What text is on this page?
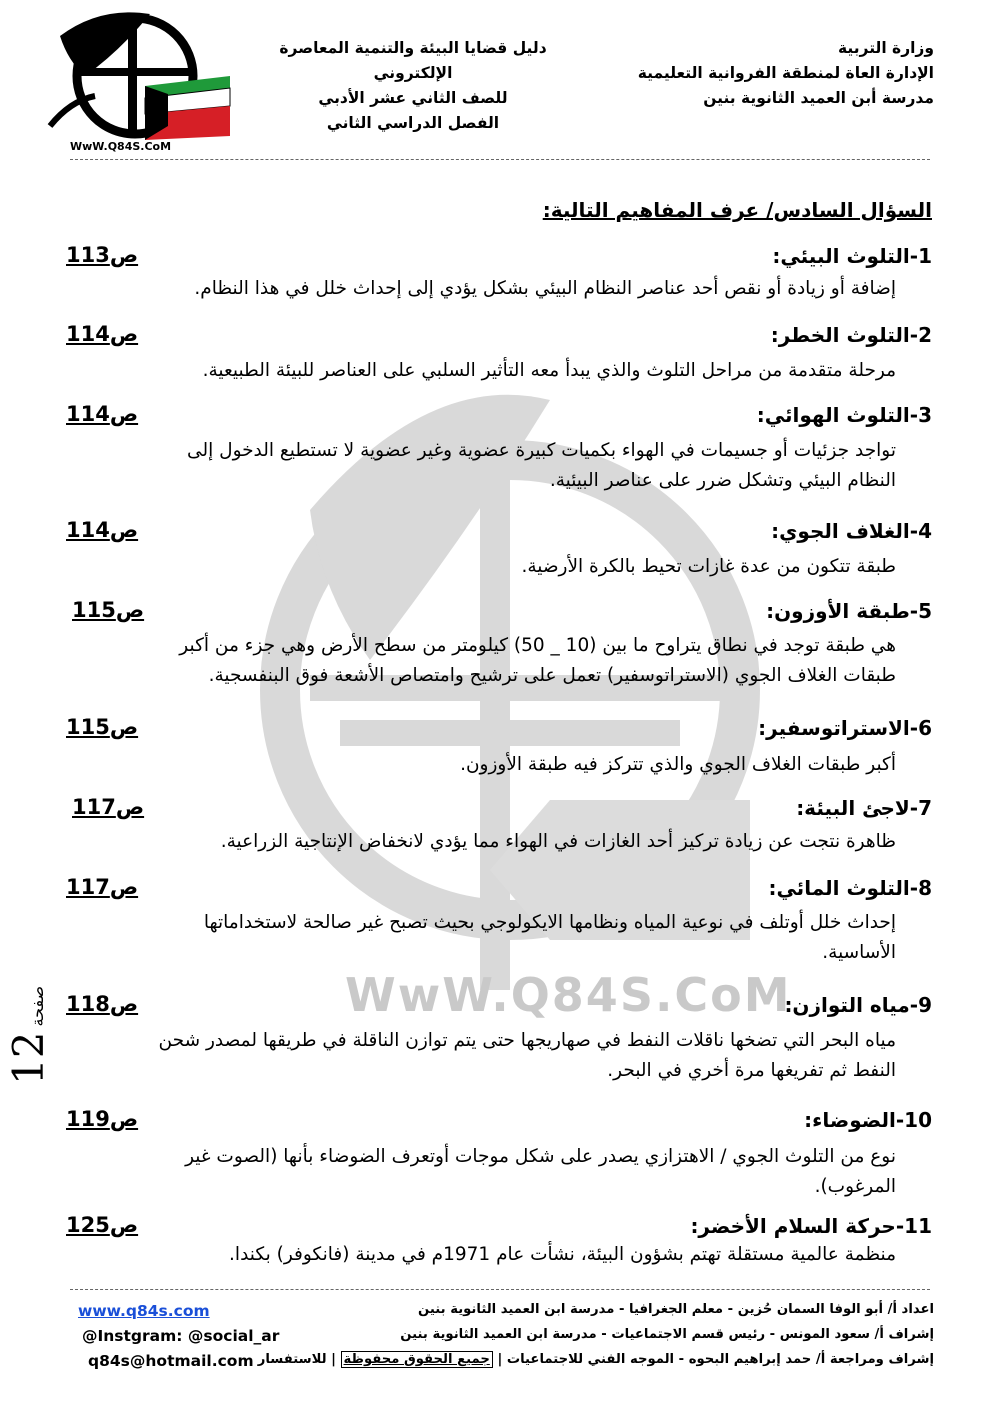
WwW.Q84S.CoM
WwW.Q84S.CoM
وزارة التربية
الإدارة العاة لمنطقة الفروانية التعليمية
مدرسة أبن العميد الثانوية بنين
دليل قضايا البيئة والتنمية المعاصرة الإلكتروني
للصف الثاني عشر الأدبي
الفصل الدراسي الثاني
السؤال السادس/ عرف المفاهيم التالية:
1-التلوث البيئي:
ص113
إضافة أو زيادة أو نقص أحد عناصر النظام البيئي بشكل يؤدي إلى إحداث خلل في هذا النظام.
2-التلوث الخطر:
ص114
مرحلة متقدمة من مراحل التلوث والذي يبدأ معه التأثير السلبي على العناصر للبيئة الطبيعية.
3-التلوث الهوائي:
ص114
تواجد جزئيات أو جسيمات في الهواء بكميات كبيرة عضوية وغير عضوية لا تستطيع الدخول إلى
النظام البيئي وتشكل ضرر على عناصر البيئية.
4-الغلاف الجوي:
ص114
طبقة تتكون من عدة غازات تحيط بالكرة الأرضية.
5-طبقة الأوزون:
ص115
هي طبقة توجد في نطاق يتراوح ما بين (10 _ 50) كيلومتر من سطح الأرض وهي جزء من أكبر
طبقات الغلاف الجوي (الاستراتوسفير) تعمل على ترشيح وامتصاص الأشعة فوق البنفسجية.
6-الاستراتوسفير:
ص115
أكبر طبقات الغلاف الجوي والذي تتركز فيه طبقة الأوزون.
7-لاجئ البيئة:
ص117
ظاهرة نتجت عن زيادة تركيز أحد الغازات في الهواء مما يؤدي لانخفاض الإنتاجية الزراعية.
8-التلوث المائي:
ص117
إحداث خلل أوتلف في نوعية المياه ونظامها الايكولوجي بحيث تصبح غير صالحة لاستخداماتها
الأساسية.
9-مياه التوازن:
ص118
مياه البحر التي تضخها ناقلات النفط في صهاريجها حتى يتم توازن الناقلة في طريقها لمصدر شحن
النفط ثم تفريغها مرة أخري في البحر.
10-الضوضاء:
ص119
نوع من التلوث الجوي / الاهتزازي يصدر على شكل موجات أوتعرف الضوضاء بأنها (الصوت غير
المرغوب).
11-حركة السلام الأخضر:
ص125
منظمة عالمية مستقلة تهتم بشؤون البيئة، نشأت عام 1971م في مدينة (فانكوفر) بكندا.
صفحة 12
اعداد أ/ أبو الوفا السمان حُزين - معلم الجغرافيا - مدرسة ابن العميد الثانوية بنين
إشراف أ/ سعود المونس - رئيس قسم الاجتماعيات - مدرسة ابن العميد الثانوية بنين
إشراف ومراجعة أ/ حمد إبراهيم البحوه - الموجه الفني للاجتماعيات | جميع الحقوق محفوظة | للاستفسار
www.q84s.com
@Instgram: @social_ar
q84s@hotmail.com
